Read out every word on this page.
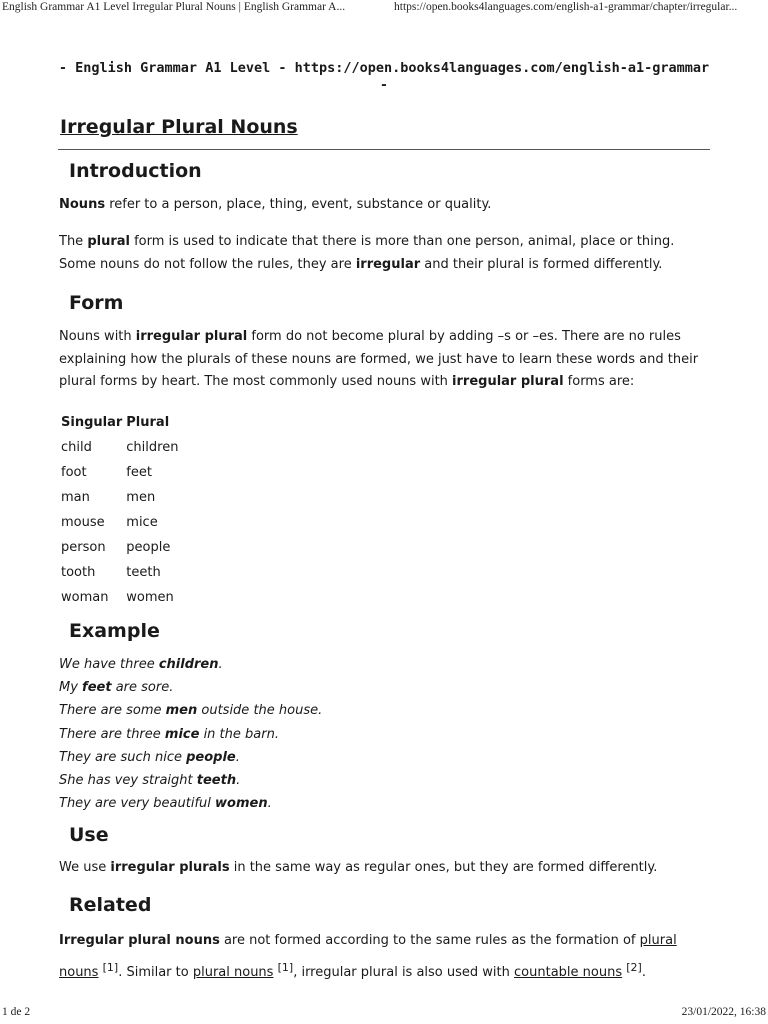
English Grammar A1 Level Irregular Plural Nouns | English Grammar A...	https://open.books4languages.com/english-a1-grammar/chapter/irregular...
- English Grammar A1 Level - https://open.books4languages.com/english-a1-grammar -
Irregular Plural Nouns
Introduction

Nouns refer to a person, place, thing, event, substance or quality.

The plural form is used to indicate that there is more than one person, animal, place or thing. Some nouns do not follow the rules, they are irregular and their plural is formed differently.

Form

Nouns with irregular plural form do not become plural by adding –s or –es. There are no rules explaining how the plurals of these nouns are formed, we just have to learn these words and their plural forms by heart. The most commonly used nouns with irregular plural forms are:

Singular	Plural
child	children
foot	feet
man	men
mouse	mice
person	people
tooth	teeth
woman	women
Example
We have three children.
My feet are sore.
There are some men outside the house.
There are three mice in the barn.
They are such nice people.
She has vey straight teeth.
They are very beautiful women.
Use

We use irregular plurals in the same way as regular ones, but they are formed differently.

Related

Irregular plural nouns are not formed according to the same rules as the formation of plural nouns [1]. Similar to plural nouns [1], irregular plural is also used with countable nouns [2].

1 de 2	23/01/2022, 16:38
